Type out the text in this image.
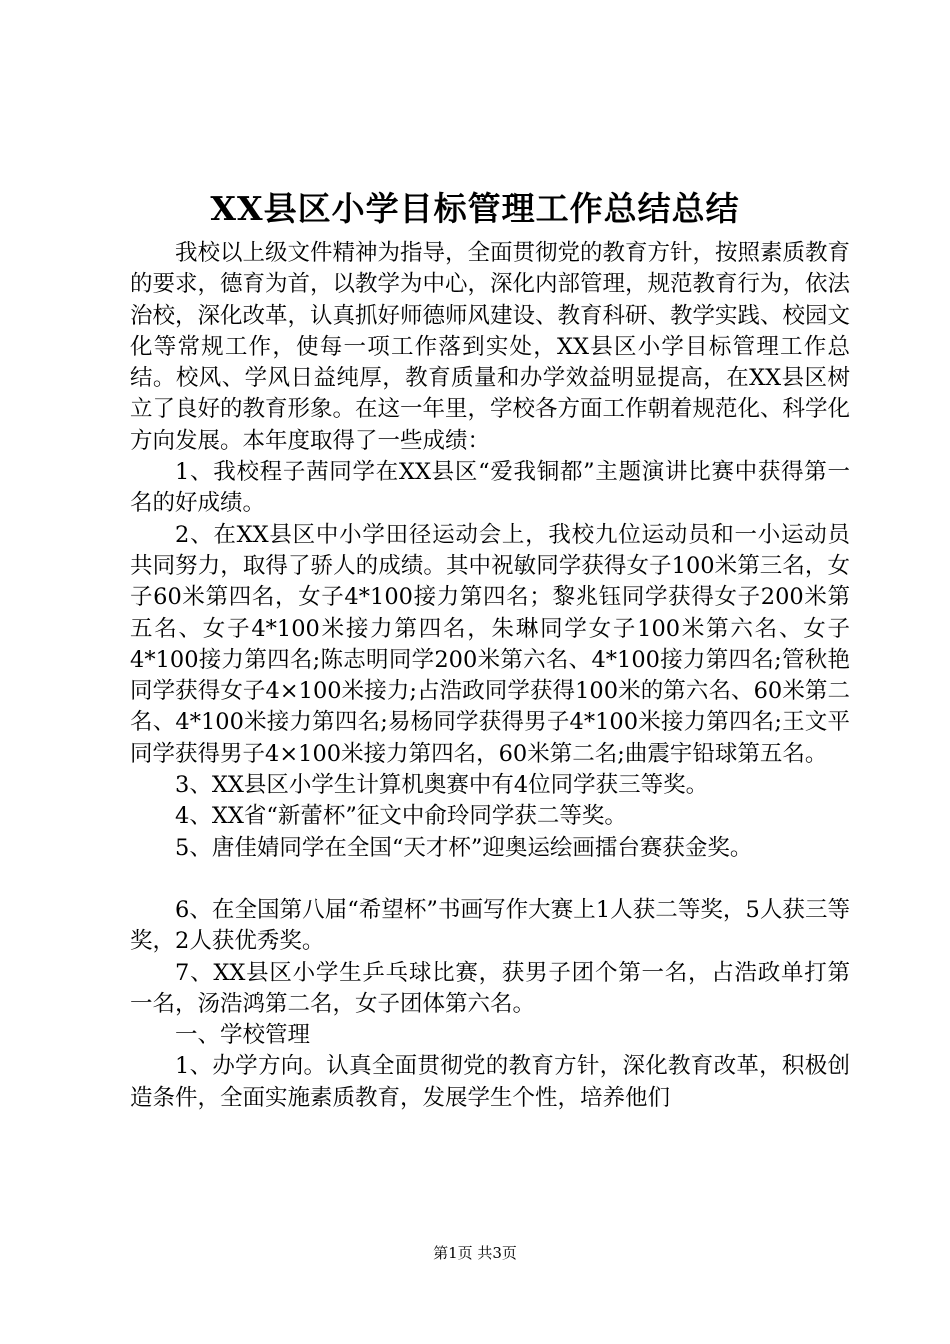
XX县区小学目标管理工作总结总结

我校以上级文件精神为指导，全面贯彻党的教育方针，按照素质教育的要求，德育为首，以教学为中心，深化内部管理，规范教育行为，依法治校，深化改革，认真抓好师德师风建设、教育科研、教学实践、校园文化等常规工作，使每一项工作落到实处，XX县区小学目标管理工作总结。校风、学风日益纯厚，教育质量和办学效益明显提高，在XX县区树立了良好的教育形象。在这一年里，学校各方面工作朝着规范化、科学化方向发展。本年度取得了一些成绩：

1、我校程子茜同学在XX县区“爱我铜都”主题演讲比赛中获得第一名的好成绩。

2、在XX县区中小学田径运动会上，我校九位运动员和一小运动员共同努力，取得了骄人的成绩。其中祝敏同学获得女子100米第三名，女子60米第四名，女子4*100接力第四名；黎兆钰同学获得女子200米第五名、女子4*100米接力第四名，朱琳同学女子100米第六名、女子4*100接力第四名;陈志明同学200米第六名、4*100接力第四名;管秋艳同学获得女子4×100米接力;占浩政同学获得100米的第六名、60米第二名、4*100米接力第四名;易杨同学获得男子4*100米接力第四名;王文平同学获得男子4×100米接力第四名，60米第二名;曲震宇铅球第五名。

3、XX县区小学生计算机奥赛中有4位同学获三等奖。

4、XX省“新蕾杯”征文中俞玲同学获二等奖。

5、唐佳婧同学在全国“天才杯”迎奥运绘画擂台赛获金奖。

6、在全国第八届“希望杯”书画写作大赛上1人获二等奖，5人获三等奖，2人获优秀奖。

7、XX县区小学生乒乓球比赛，获男子团个第一名，占浩政单打第一名，汤浩鸿第二名，女子团体第六名。

一、学校管理

1、办学方向。认真全面贯彻党的教育方针，深化教育改革，积极创造条件，全面实施素质教育，发展学生个性，培养他们

第1页 共3页
